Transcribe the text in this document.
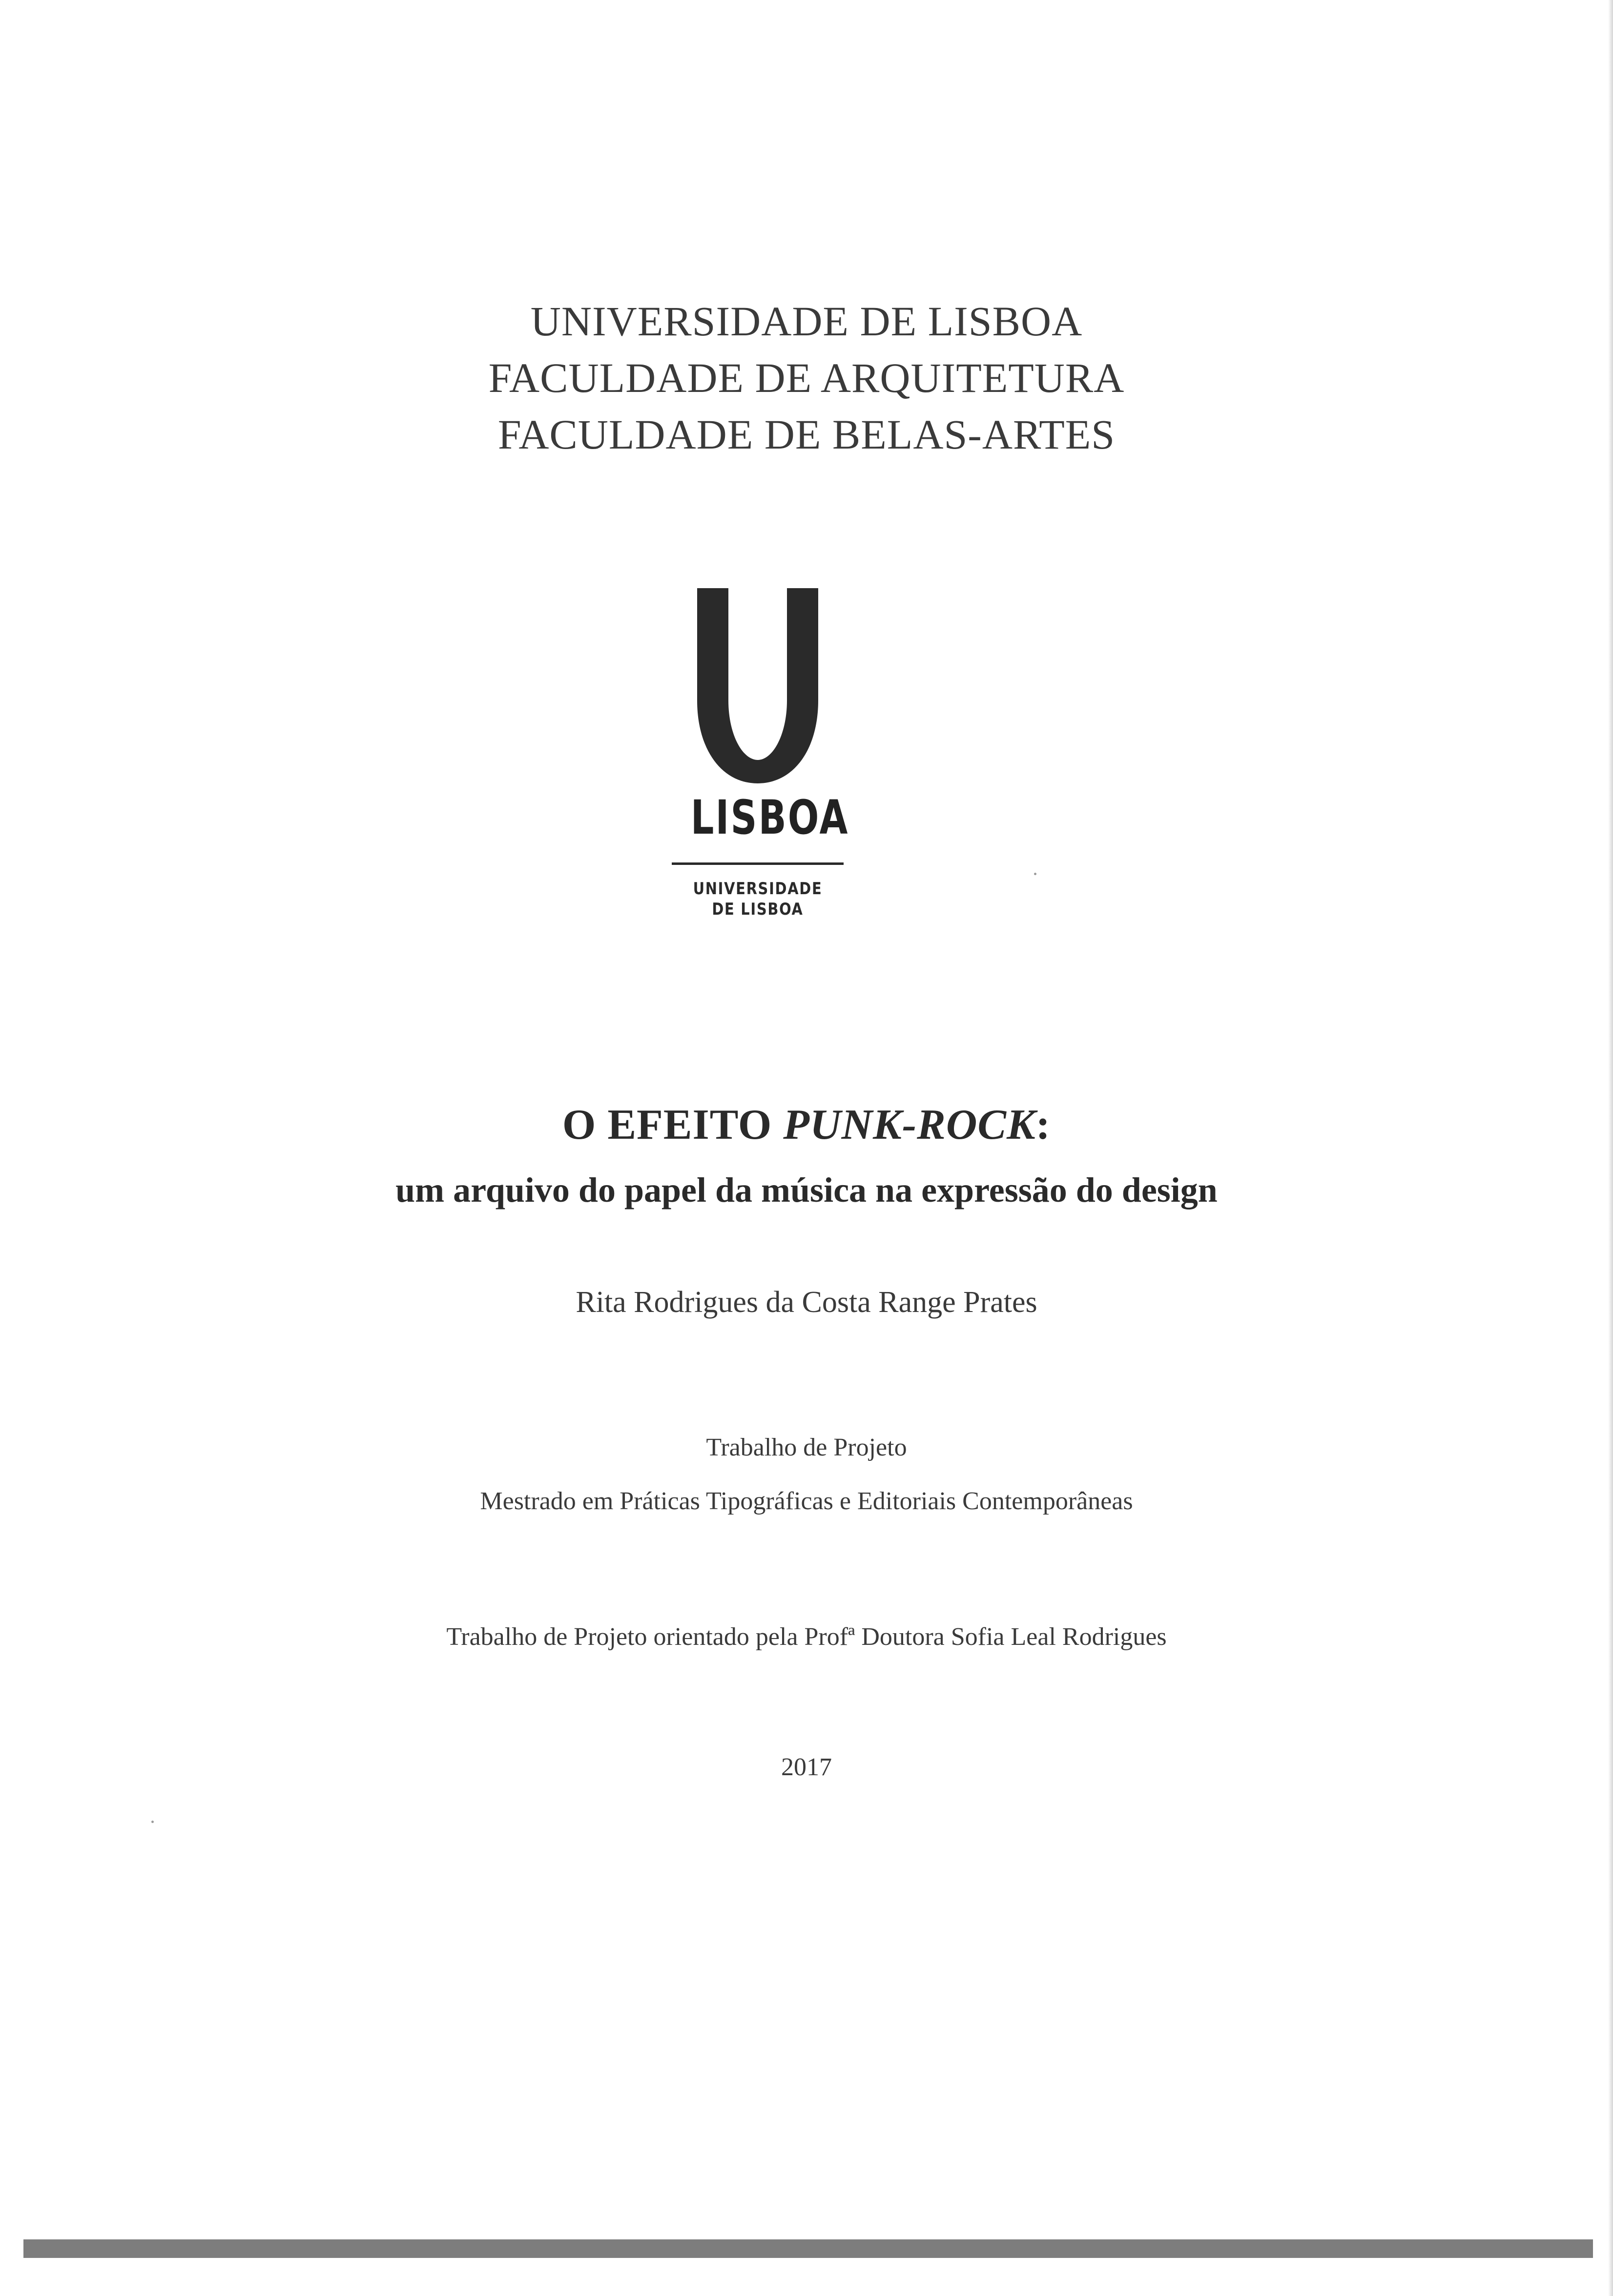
UNIVERSIDADE DE LISBOA
FACULDADE DE ARQUITETURA
FACULDADE DE BELAS-ARTES
LISBOA
UNIVERSIDADE
DE LISBOA
O EFEITO PUNK-ROCK:
um arquivo do papel da música na expressão do design
Rita Rodrigues da Costa Range Prates
Trabalho de Projeto
Mestrado em Práticas Tipográficas e Editoriais Contemporâneas
Trabalho de Projeto orientado pela Profª Doutora Sofia Leal Rodrigues
2017
